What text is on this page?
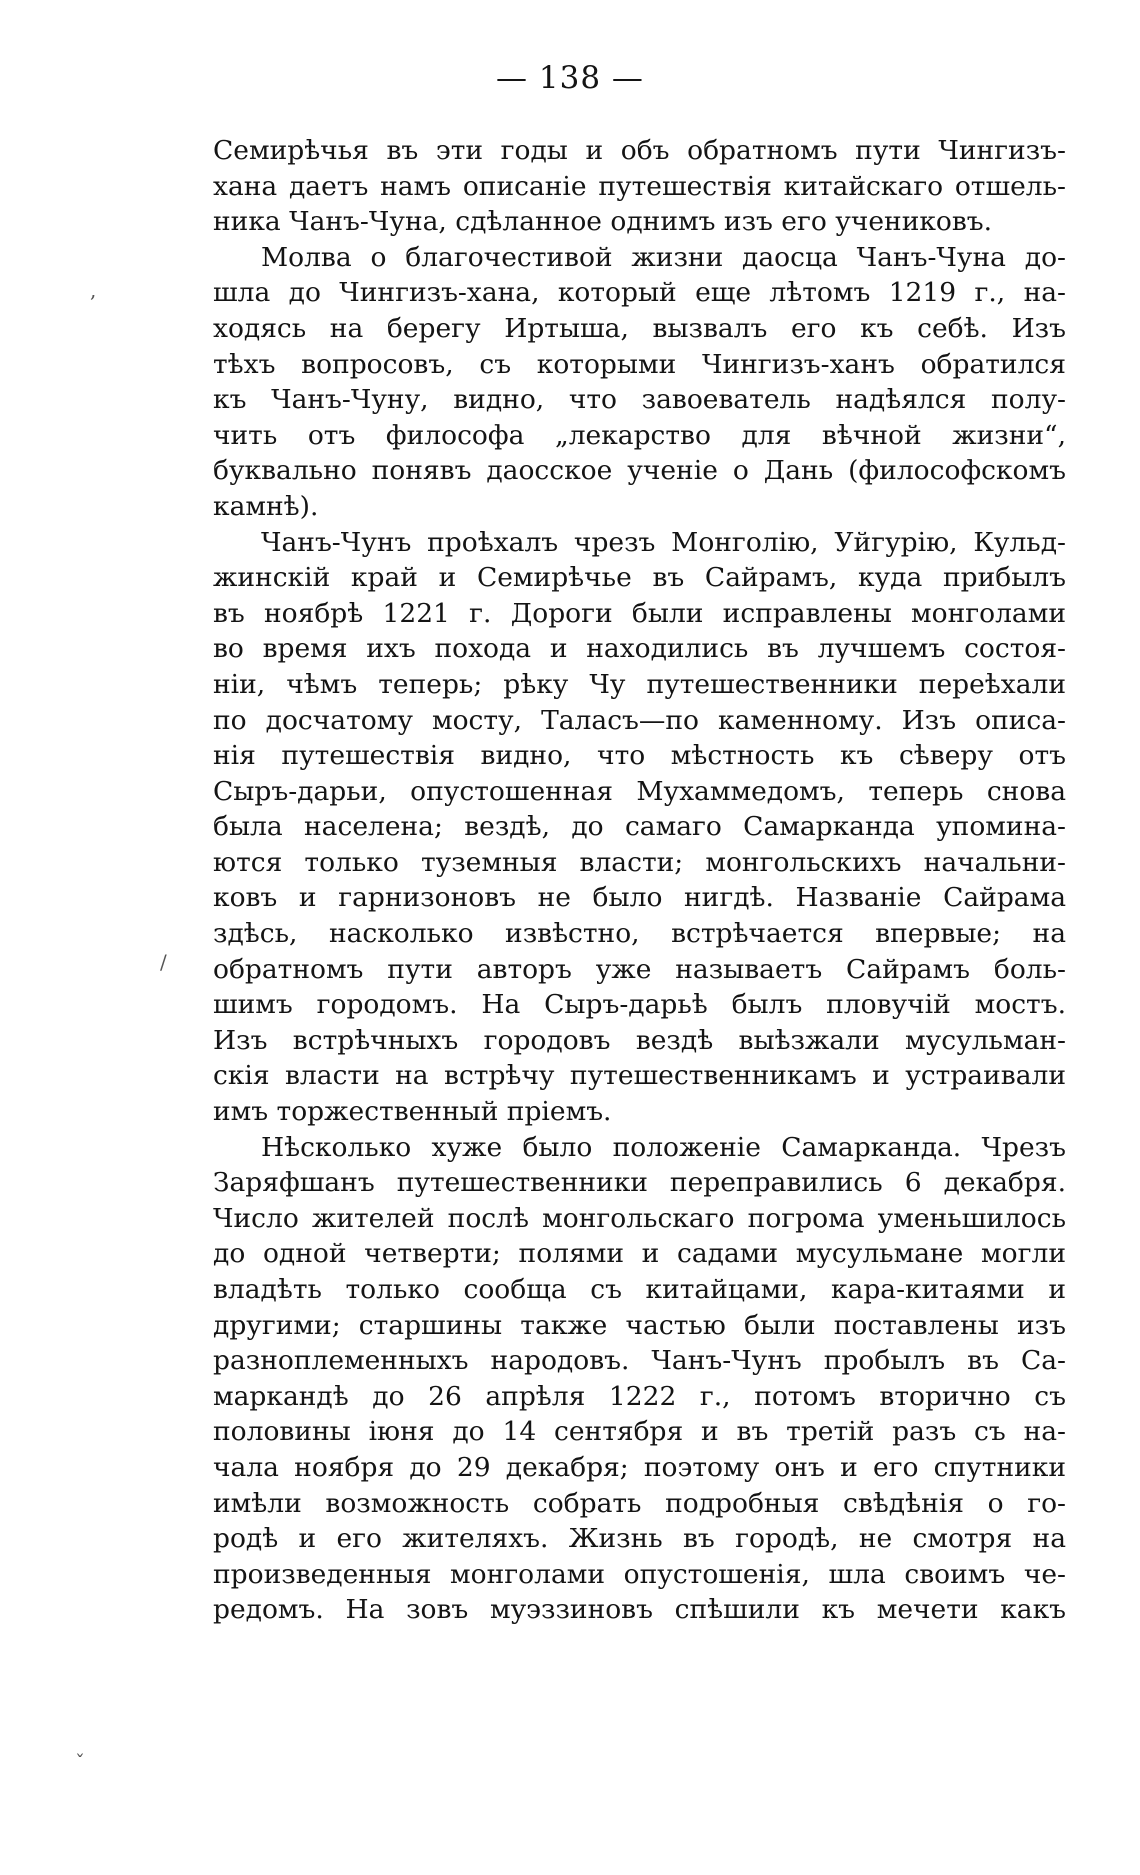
— 138 —
Семирѣчья въ эти годы и объ обратномъ пути Чингизъ-
хана даетъ намъ описанiе путешествiя китайскаго отшель-
ника Чанъ-Чуна, сдѣланное однимъ изъ его учениковъ.
Молва о благочестивой жизни даосца Чанъ-Чуна до-
шла до Чингизъ-хана, который еще лѣтомъ 1219 г., на-
ходясь на берегу Иртыша, вызвалъ его къ себѣ. Изъ
тѣхъ вопросовъ, съ которыми Чингизъ-ханъ обратился
къ Чанъ-Чуну, видно, что завоеватель надѣялся полу-
чить отъ философа „лекарство для вѣчной жизни“,
буквально понявъ даосское ученiе о Дань (философскомъ
камнѣ).
Чанъ-Чунъ проѣхалъ чрезъ Монголiю, Уйгурiю, Кульд-
жинскiй край и Семирѣчье въ Сайрамъ, куда прибылъ
въ ноябрѣ 1221 г. Дороги были исправлены монголами
во время ихъ похода и находились въ лучшемъ состоя-
нiи, чѣмъ теперь; рѣку Чу путешественники переѣхали
по досчатому мосту, Таласъ—по каменному. Изъ описа-
нiя путешествiя видно, что мѣстность къ сѣверу отъ
Сыръ-дарьи, опустошенная Мухаммедомъ, теперь снова
была населена; вездѣ, до самаго Самарканда упомина-
ются только туземныя власти; монгольскихъ начальни-
ковъ и гарнизоновъ не было нигдѣ. Названiе Сайрама
здѣсь, насколько извѣстно, встрѣчается впервые; на
обратномъ пути авторъ уже называетъ Сайрамъ боль-
шимъ городомъ. На Сыръ-дарьѣ былъ пловучiй мостъ.
Изъ встрѣчныхъ городовъ вездѣ выѣзжали мусульман-
скiя власти на встрѣчу путешественникамъ и устраивали
имъ торжественный прiемъ.
Нѣсколько хуже было положенiе Самарканда. Чрезъ
Заряфшанъ путешественники переправились 6 декабря.
Число жителей послѣ монгольскаго погрома уменьшилось
до одной четверти; полями и садами мусульмане могли
владѣть только сообща съ китайцами, кара-китаями и
другими; старшины также частью были поставлены изъ
разноплеменныхъ народовъ. Чанъ-Чунъ пробылъ въ Са-
маркандѣ до 26 апрѣля 1222 г., потомъ вторично съ
половины iюня до 14 сентября и въ третiй разъ съ на-
чала ноября до 29 декабря; поэтому онъ и его спутники
имѣли возможность собрать подробныя свѣдѣнiя о го-
родѣ и его жителяхъ. Жизнь въ городѣ, не смотря на
произведенныя монголами опустошенiя, шла своимъ че-
редомъ. На зовъ муэззиновъ спѣшили къ мечети какъ
,
/
ˇ
